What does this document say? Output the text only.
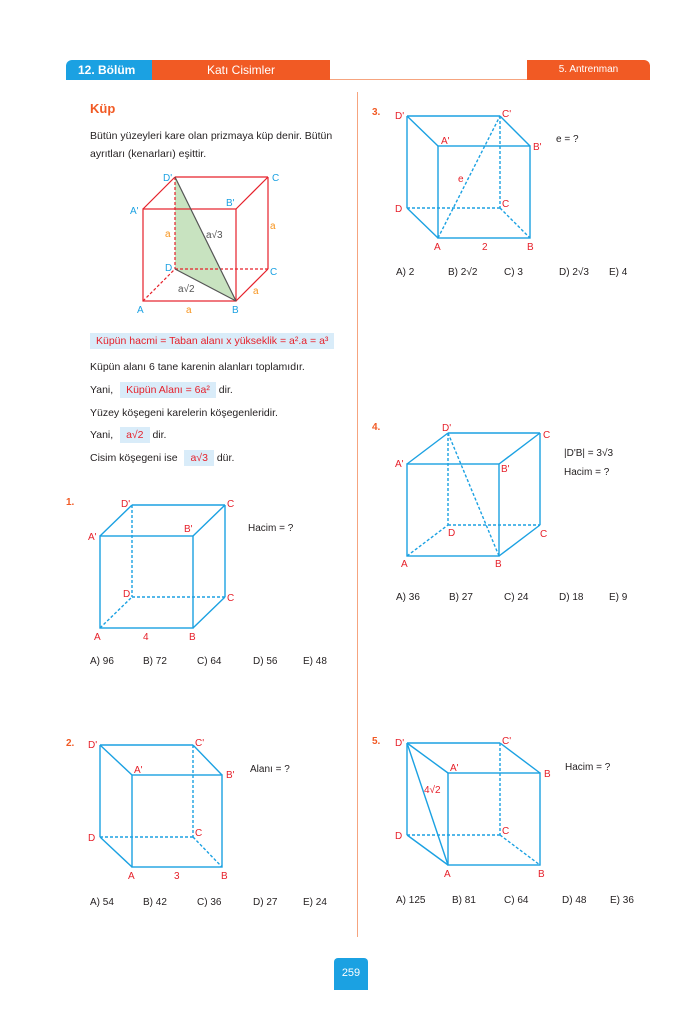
12. Bölüm	Katı Cisimler	5. Antrenman
Küp
Bütün yüzeyleri kare olan prizmaya küp denir. Bütün ayrıtları (kenarları) eşittir.
D'	C
A'
B'
D	C
A	B
a
a
a
a
a√3
a√2
Küpün hacmi = Taban alanı x yükseklik = a².a = a³
Küpün alanı 6 tane karenin alanları toplamıdır.
Yani, Küpün Alanı = 6a² dir.
Yüzey köşegeni karelerin köşegenleridir.
Yani, a√2 dir.
Cisim köşegeni ise a√3 dür.
1.
Hacim = ?
D'	C
A'
B'
D	C
A	B
4
A) 96	B) 72	C) 64	D) 56	E) 48
2.
Alanı = ?
D'	C'
A'	B'
D	C
A	B
3
A) 54	B) 42	C) 36	D) 27	E) 24
3.
e = ?
D'	C'
A'
B'
D	C
A	B
2
e
A) 2	B) 2√2	C) 3	D) 2√3 E) 4
4.
|D'B| = 3√3
Hacim = ?
D'
C
A'	B'
D	C
A	B
A) 36	B) 27	C) 24	D) 18	E) 9
5.
Hacim = ?
D'	C'
A'
B
D	C
A	B
4√2
A) 125	B) 81	C) 64	D) 48 E) 36
259
